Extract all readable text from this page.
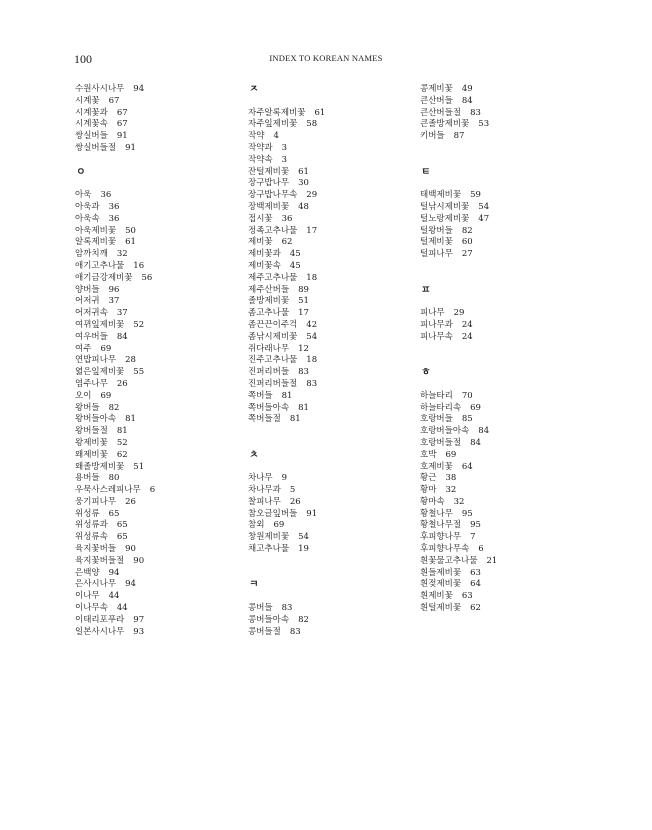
100	INDEX TO KOREAN NAMES
수원사시나무 94
시계꽃 67
시계꽃과 67
시계꽃속 67
쌍실버들 91
쌍실버들절 91
ㅇ
아욱 36
아욱과 36
아욱속 36
아욱제비꽃 50
알록제비꽃 61
암까치깨 32
애기고추나물 16
애기금강제비꽃 56
양버들 96
어저귀 37
어저귀속 37
여뀌잎제비꽃 52
여우버들 84
여주 69
연밥피나무 28
엷은잎제비꽃 55
염주나무 26
오이 69
왕버들 82
왕버들아속 81
왕버들절 81
왕제비꽃 52
왜제비꽃 62
왜졸방제비꽃 51
용버들 80
우묵사스레피나무 6
웅기피나무 26
위성류 65
위성류과 65
위성류속 65
육지꽃버들 90
육지꽃버들절 90
은백양 94
은사시나무 94
이나무 44
이나무속 44
이태리포푸라 97
일본사시나무 93
ㅈ
자주알록제비꽃 61
자주잎제비꽃 58
작약 4
작약과 3
작약속 3
잔털제비꽃 61
장구밥나무 30
장구밥나무속 29
장백제비꽃 48
접시꽃 36
정족고추나물 17
제비꽃 62
제비꽃과 45
제비꽃속 45
제주고추나물 18
제주산버들 89
졸방제비꽃 51
좀고추나물 17
좀끈끈이주걱 42
좀낚시제비꽃 54
쥐다래나무 12
진주고추나물 18
진퍼리버들 83
진퍼리버들절 83
쪽버들 81
쪽버들아속 81
쪽버들절 81
ㅊ
차나무 9
차나무과 5
찰피나무 26
참오글잎버들 91
참외 69
창원제비꽃 54
채고추나물 19
ㅋ
콩버들 83
콩버들아속 82
콩버들절 83
콩제비꽃 49
큰산버들 84
큰산버들절 83
큰졸방제비꽃 53
키버들 87
ㅌ
태백제비꽃 59
털낚시제비꽃 54
털노랑제비꽃 47
털왕버들 82
털제비꽃 60
털피나무 27
ㅍ
피나무 29
피나무과 24
피나무속 24
ㅎ
하늘타리 70
하늘타리속 69
호랑버들 85
호랑버들아속 84
호랑버들절 84
호박 69
호제비꽃 64
황근 38
황마 32
황마속 32
황철나무 95
황철나무절 95
후피향나무 7
후피향나무속 6
흰꽃물고추나물 21
흰들제비꽃 63
흰젖제비꽃 64
흰제비꽃 63
흰털제비꽃 62
